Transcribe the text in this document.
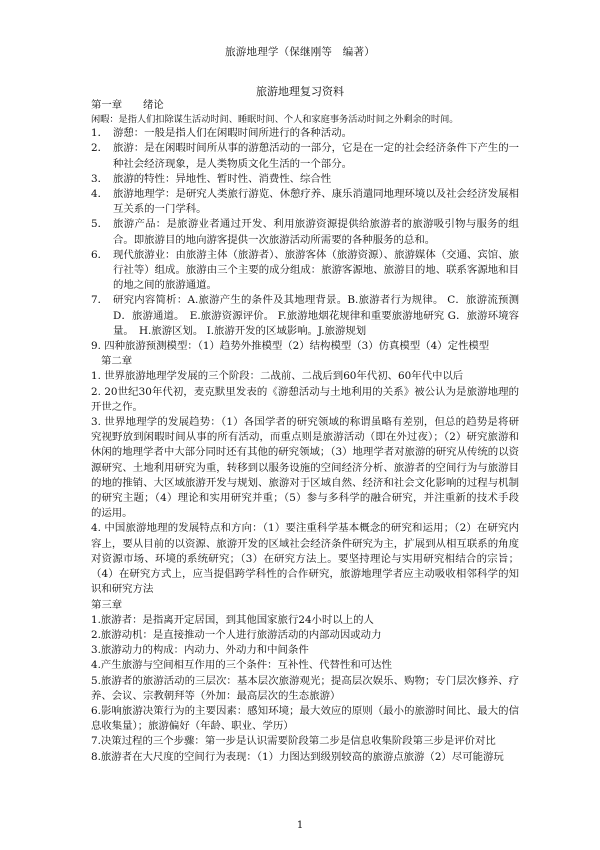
旅游地理学（保继刚等　编著）
旅游地理复习资料

第一章　　绪论

闲暇：是指人们扣除谋生活动时间、睡眠时间、个人和家庭事务活动时间之外剩余的时间。

1． 游憩：一般是指人们在闲暇时间所进行的各种活动。
2． 旅游：是在闲暇时间所从事的游憩活动的一部分，它是在一定的社会经济条件下产生的一种社会经济现象，是人类物质文化生活的一个部分。
3． 旅游的特性：异地性、暂时性、消费性、综合性
4． 旅游地理学：是研究人类旅行游览、休憩疗养、康乐消遣同地理环境以及社会经济发展相互关系的一门学科。
5． 旅游产品：是旅游业者通过开发、利用旅游资源提供给旅游者的旅游吸引物与服务的组合。即旅游目的地向游客提供一次旅游活动所需要的各种服务的总和。
6． 现代旅游业：由旅游主体（旅游者）、旅游客体（旅游资源）、旅游媒体（交通、宾馆、旅行社等）组成。旅游由三个主要的成分组成：旅游客源地、旅游目的地、联系客源地和目的地之间的旅游通道。
7． 研究内容简析：A.旅游产生的条件及其地理背景。B.旅游者行为规律。 C．旅游流预测　D．旅游通道。　E.旅游资源评价。 F.旅游地烟花规律和重要旅游地研究 G．旅游环境容量。　H.旅游区划。 I.旅游开发的区域影响。J.旅游规划

9. 四种旅游预测模型：（1）趋势外推模型（2）结构模型（3）仿真模型（4）定性模型

第二章

1. 世界旅游地理学发展的三个阶段：二战前、二战后到60年代初、60年代中以后

2. 20世纪30年代初，麦克默里发表的《游憩活动与土地利用的关系》被公认为是旅游地理的开世之作。

3. 世界地理学的发展趋势：（1）各国学者的研究领域的称谓虽略有差别，但总的趋势是将研究视野放到闲暇时间从事的所有活动，而重点则是旅游活动（即在外过夜）；（2）研究旅游和休闲的地理学者中大部分同时还有其他的研究领域；（3）地理学者对旅游的研究从传统的以资源研究、土地利用研究为重，转移到以服务设施的空间经济分析、旅游者的空间行为与旅游目的地的推销、大区域旅游开发与规划、旅游对于区域自然、经济和社会文化影响的过程与机制的研究主题；（4）理论和实用研究并重；（5）参与多科学的融合研究，并注重新的技术手段的运用。

4. 中国旅游地理的发展特点和方向：（1）要注重科学基本概念的研究和运用；（2）在研究内容上，要从目前的以资源、旅游开发的区域社会经济条件研究为主，扩展到从相互联系的角度对资源市场、环境的系统研究；（3）在研究方法上。要坚持理论与实用研究相结合的宗旨；（4）在研究方式上，应当提倡跨学科性的合作研究，旅游地理学者应主动吸收相邻科学的知识和研究方法

第三章

1.旅游者：是指离开定居国，到其他国家旅行24小时以上的人

2.旅游动机：是直接推动一个人进行旅游活动的内部动因或动力

3.旅游动力的构成：内动力、外动力和中间条件

4.产生旅游与空间相互作用的三个条件：互补性、代替性和可达性

5.旅游者的旅游活动的三层次：基本层次旅游观光；提高层次娱乐、购物；专门层次修养、疗养、会议、宗教朝拜等（外加：最高层次的生态旅游）

6.影响旅游决策行为的主要因素：感知环境；最大效应的原则（最小的旅游时间比、最大的信息收集量）；旅游偏好（年龄、职业、学历）

7.决策过程的三个步骤：第一步是认识需要阶段第二步是信息收集阶段第三步是评价对比

8.旅游者在大尺度的空间行为表现：（1）力图达到级别较高的旅游点旅游（2）尽可能游玩

1
